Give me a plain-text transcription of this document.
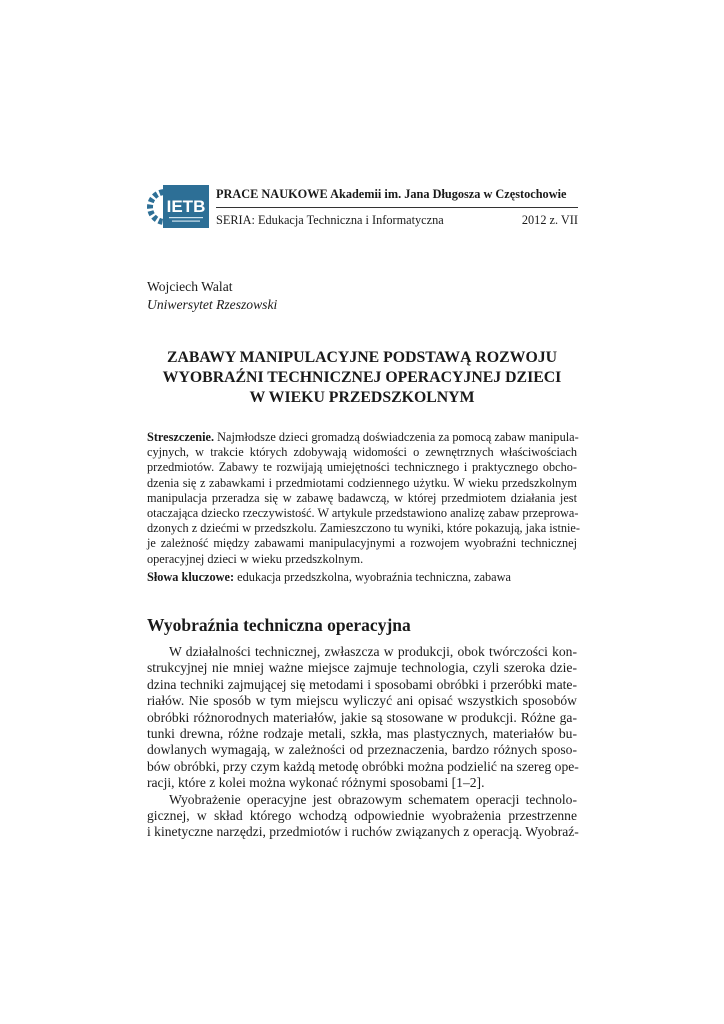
IETB
PRACE NAUKOWE Akademii im. Jana Długosza w Częstochowie
SERIA: Edukacja Techniczna i Informatyczna	2012 z. VII
Wojciech Walat
Uniwersytet Rzeszowski
ZABAWY MANIPULACYJNE PODSTAWĄ ROZWOJU
WYOBRAŹNI TECHNICZNEJ OPERACYJNEJ DZIECI
W WIEKU PRZEDSZKOLNYM
Streszczenie. Najmłodsze dzieci gromadzą doświadczenia za pomocą zabaw manipula-
cyjnych, w trakcie których zdobywają widomości o zewnętrznych właściwościach
przedmiotów. Zabawy te rozwijają umiejętności technicznego i praktycznego obcho-
dzenia się z zabawkami i przedmiotami codziennego użytku. W wieku przedszkolnym
manipulacja przeradza się w zabawę badawczą, w której przedmiotem działania jest
otaczająca dziecko rzeczywistość. W artykule przedstawiono analizę zabaw przeprowa-
dzonych z dziećmi w przedszkolu. Zamieszczono tu wyniki, które pokazują, jaka istnie-
je zależność między zabawami manipulacyjnymi a rozwojem wyobraźni technicznej
operacyjnej dzieci w wieku przedszkolnym.
Słowa kluczowe: edukacja przedszkolna, wyobraźnia techniczna, zabawa
Wyobraźnia techniczna operacyjna
W działalności technicznej, zwłaszcza w produkcji, obok twórczości kon-
strukcyjnej nie mniej ważne miejsce zajmuje technologia, czyli szeroka dzie-
dzina techniki zajmującej się metodami i sposobami obróbki i przeróbki mate-
riałów. Nie sposób w tym miejscu wyliczyć ani opisać wszystkich sposobów
obróbki różnorodnych materiałów, jakie są stosowane w produkcji. Różne ga-
tunki drewna, różne rodzaje metali, szkła, mas plastycznych, materiałów bu-
dowlanych wymagają, w zależności od przeznaczenia, bardzo różnych sposo-
bów obróbki, przy czym każdą metodę obróbki można podzielić na szereg ope-
racji, które z kolei można wykonać różnymi sposobami [1–2].
Wyobrażenie operacyjne jest obrazowym schematem operacji technolo-
gicznej, w skład którego wchodzą odpowiednie wyobrażenia przestrzenne
i kinetyczne narzędzi, przedmiotów i ruchów związanych z operacją. Wyobraź-
